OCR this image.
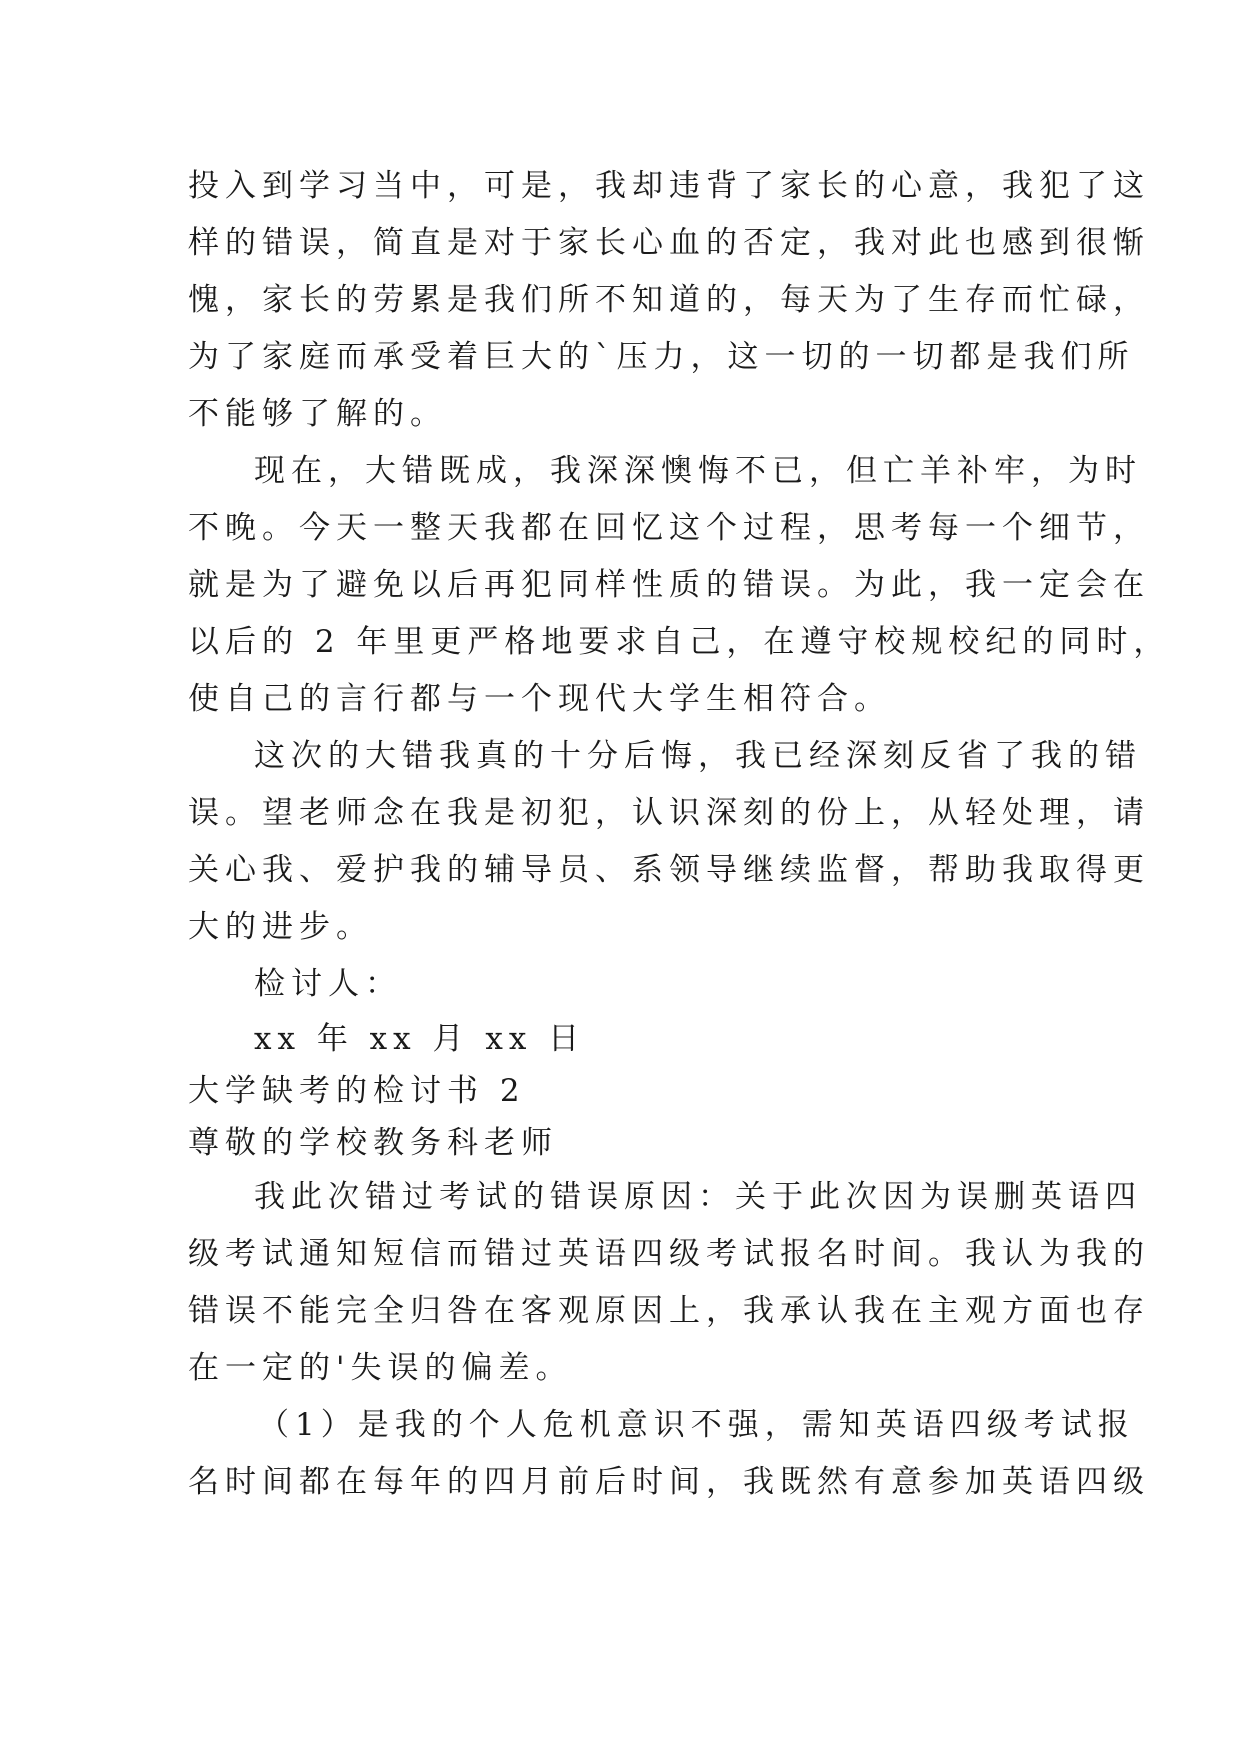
投入到学习当中，可是，我却违背了家长的心意，我犯了这
样的错误，简直是对于家长心血的否定，我对此也感到很惭
愧，家长的劳累是我们所不知道的，每天为了生存而忙碌，
为了家庭而承受着巨大的`压力，这一切的一切都是我们所
不能够了解的。
现在，大错既成，我深深懊悔不已，但亡羊补牢，为时
不晚。今天一整天我都在回忆这个过程，思考每一个细节，
就是为了避免以后再犯同样性质的错误。为此，我一定会在
以后的 2 年里更严格地要求自己，在遵守校规校纪的同时，
使自己的言行都与一个现代大学生相符合。
这次的大错我真的十分后悔，我已经深刻反省了我的错
误。望老师念在我是初犯，认识深刻的份上，从轻处理，请
关心我、爱护我的辅导员、系领导继续监督，帮助我取得更
大的进步。
检讨人：
xx 年 xx 月 xx 日
大学缺考的检讨书 2
尊敬的学校教务科老师
我此次错过考试的错误原因：关于此次因为误删英语四
级考试通知短信而错过英语四级考试报名时间。我认为我的
错误不能完全归咎在客观原因上，我承认我在主观方面也存
在一定的'失误的偏差。
（1）是我的个人危机意识不强，需知英语四级考试报
名时间都在每年的四月前后时间，我既然有意参加英语四级
